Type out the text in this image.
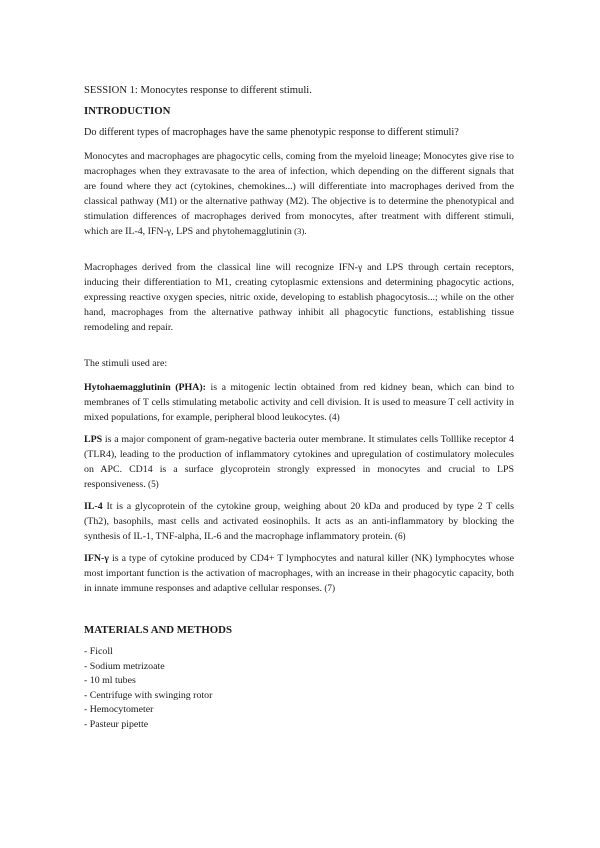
SESSION 1: Monocytes response to different stimuli.
INTRODUCTION
Do different types of macrophages have the same phenotypic response to different stimuli?
Monocytes and macrophages are phagocytic cells, coming from the myeloid lineage; Monocytes give rise to macrophages when they extravasate to the area of infection, which depending on the different signals that are found where they act (cytokines, chemokines...) will differentiate into macrophages derived from the classical pathway (M1) or the alternative pathway (M2). The objective is to determine the phenotypical and stimulation differences of macrophages derived from monocytes, after treatment with different stimuli, which are IL-4, IFN-γ, LPS and phytohemagglutinin (3).
Macrophages derived from the classical line will recognize IFN-γ and LPS through certain receptors, inducing their differentiation to M1, creating cytoplasmic extensions and determining phagocytic actions, expressing reactive oxygen species, nitric oxide, developing to establish phagocytosis...; while on the other hand, macrophages from the alternative pathway inhibit all phagocytic functions, establishing tissue remodeling and repair.
The stimuli used are:
Hytohaemagglutinin (PHA): is a mitogenic lectin obtained from red kidney bean, which can bind to membranes of T cells stimulating metabolic activity and cell division. It is used to measure T cell activity in mixed populations, for example, peripheral blood leukocytes. (4)
LPS is a major component of gram-negative bacteria outer membrane. It stimulates cells Tolllike receptor 4 (TLR4), leading to the production of inflammatory cytokines and upregulation of costimulatory molecules on APC. CD14 is a surface glycoprotein strongly expressed in monocytes and crucial to LPS responsiveness. (5)
IL-4 It is a glycoprotein of the cytokine group, weighing about 20 kDa and produced by type 2 T cells (Th2), basophils, mast cells and activated eosinophils. It acts as an anti-inflammatory by blocking the synthesis of IL-1, TNF-alpha, IL-6 and the macrophage inflammatory protein. (6)
IFN-γ is a type of cytokine produced by CD4+ T lymphocytes and natural killer (NK) lymphocytes whose most important function is the activation of macrophages, with an increase in their phagocytic capacity, both in innate immune responses and adaptive cellular responses. (7)
MATERIALS AND METHODS
- Ficoll
- Sodium metrizoate
- 10 ml tubes
- Centrifuge with swinging rotor
- Hemocytometer
- Pasteur pipette
